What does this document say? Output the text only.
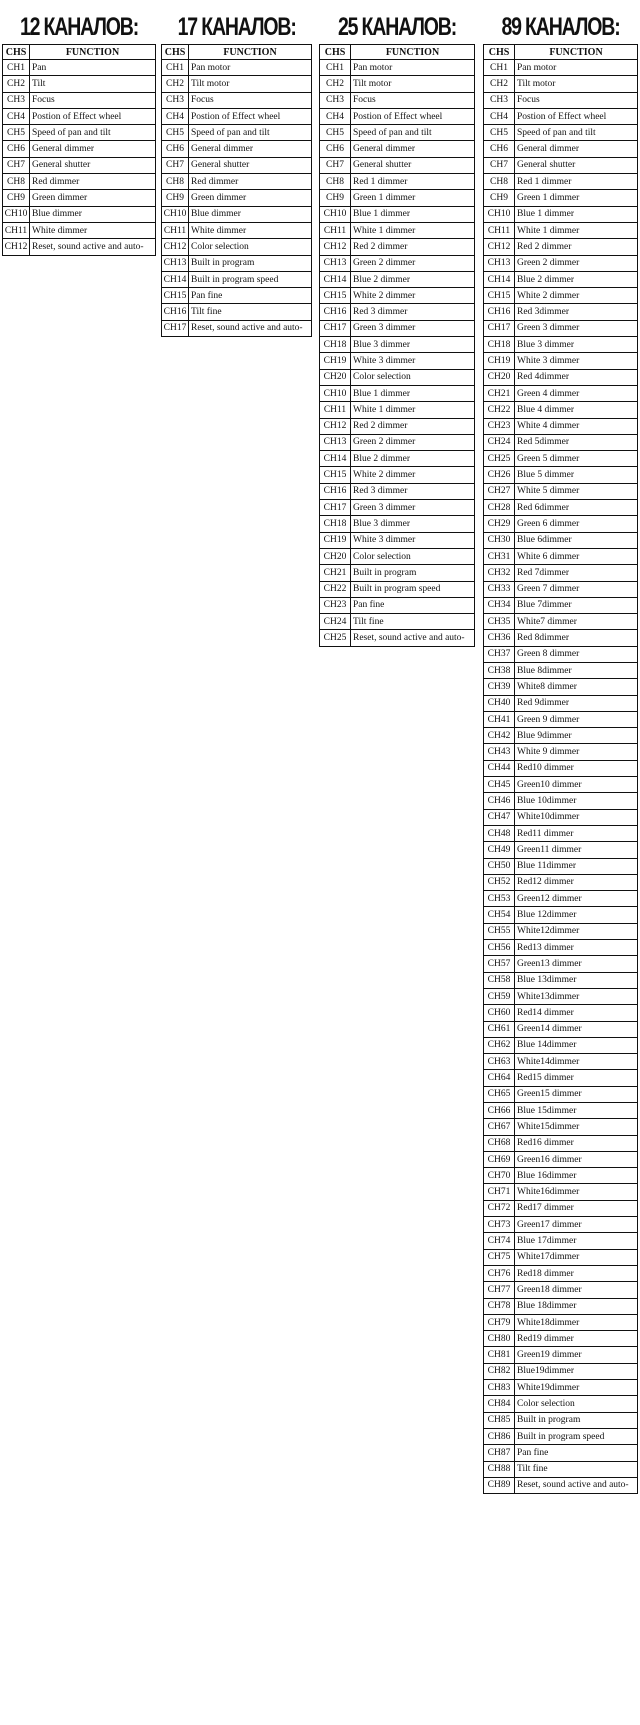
12 КАНАЛОВ:
CHS	FUNCTION
CH1	Pan
CH2	Tilt
CH3	Focus
CH4	Postion of Effect wheel
CH5	Speed of pan and tilt
CH6	General dimmer
CH7	General shutter
CH8	Red dimmer
CH9	Green dimmer
CH10	Blue dimmer
CH11	White dimmer
CH12	Reset, sound active and auto-
17 КАНАЛОВ:
CHS	FUNCTION
CH1	Pan motor
CH2	Tilt motor
CH3	Focus
CH4	Postion of Effect wheel
CH5	Speed of pan and tilt
CH6	General dimmer
CH7	General shutter
CH8	Red dimmer
CH9	Green dimmer
CH10	Blue dimmer
CH11	White dimmer
CH12	Color selection
CH13	Built in program
CH14	Built in program speed
CH15	Pan fine
CH16	Tilt fine
CH17	Reset, sound active and auto-
25 КАНАЛОВ:
CHS	FUNCTION
CH1	Pan motor
CH2	Tilt motor
CH3	Focus
CH4	Postion of Effect wheel
CH5	Speed of pan and tilt
CH6	General dimmer
CH7	General shutter
CH8	Red 1 dimmer
CH9	Green 1 dimmer
CH10	Blue 1 dimmer
CH11	White 1 dimmer
CH12	Red 2 dimmer
CH13	Green 2 dimmer
CH14	Blue 2 dimmer
CH15	White 2 dimmer
CH16	Red 3 dimmer
CH17	Green 3 dimmer
CH18	Blue 3 dimmer
CH19	White 3 dimmer
CH20	Color selection
CH10	Blue 1 dimmer
CH11	White 1 dimmer
CH12	Red 2 dimmer
CH13	Green 2 dimmer
CH14	Blue 2 dimmer
CH15	White 2 dimmer
CH16	Red 3 dimmer
CH17	Green 3 dimmer
CH18	Blue 3 dimmer
CH19	White 3 dimmer
CH20	Color selection
CH21	Built in program
CH22	Built in program speed
CH23	Pan fine
CH24	Tilt fine
CH25	Reset, sound active and auto-
89 КАНАЛОВ:
CHS	FUNCTION
CH1	Pan motor
CH2	Tilt motor
CH3	Focus
CH4	Postion of Effect wheel
CH5	Speed of pan and tilt
CH6	General dimmer
CH7	General shutter
CH8	Red 1 dimmer
CH9	Green 1 dimmer
CH10	Blue 1 dimmer
CH11	White 1 dimmer
CH12	Red 2 dimmer
CH13	Green 2 dimmer
CH14	Blue 2 dimmer
CH15	White 2 dimmer
CH16	Red 3dimmer
CH17	Green 3 dimmer
CH18	Blue 3 dimmer
CH19	White 3 dimmer
CH20	Red 4dimmer
CH21	Green 4 dimmer
CH22	Blue 4 dimmer
CH23	White 4 dimmer
CH24	Red 5dimmer
CH25	Green 5 dimmer
CH26	Blue 5 dimmer
CH27	White 5 dimmer
CH28	Red 6dimmer
CH29	Green 6 dimmer
CH30	Blue 6dimmer
CH31	White 6 dimmer
CH32	Red 7dimmer
CH33	Green 7 dimmer
CH34	Blue 7dimmer
CH35	White7 dimmer
CH36	Red 8dimmer
CH37	Green 8 dimmer
CH38	Blue 8dimmer
CH39	White8 dimmer
CH40	Red 9dimmer
CH41	Green 9 dimmer
CH42	Blue 9dimmer
CH43	White 9 dimmer
CH44	Red10 dimmer
CH45	Green10 dimmer
CH46	Blue 10dimmer
CH47	White10dimmer
CH48	Red11 dimmer
CH49	Green11 dimmer
CH50	Blue 11dimmer
CH52	Red12 dimmer
CH53	Green12 dimmer
CH54	Blue 12dimmer
CH55	White12dimmer
CH56	Red13 dimmer
CH57	Green13 dimmer
CH58	Blue 13dimmer
CH59	White13dimmer
CH60	Red14 dimmer
CH61	Green14 dimmer
CH62	Blue 14dimmer
CH63	White14dimmer
CH64	Red15 dimmer
CH65	Green15 dimmer
CH66	Blue 15dimmer
CH67	White15dimmer
CH68	Red16 dimmer
CH69	Green16 dimmer
CH70	Blue 16dimmer
CH71	White16dimmer
CH72	Red17 dimmer
CH73	Green17 dimmer
CH74	Blue 17dimmer
CH75	White17dimmer
CH76	Red18 dimmer
CH77	Green18 dimmer
CH78	Blue 18dimmer
CH79	White18dimmer
CH80	Red19 dimmer
CH81	Green19 dimmer
CH82	Blue19dimmer
CH83	White19dimmer
CH84	Color selection
CH85	Built in program
CH86	Built in program speed
CH87	Pan fine
CH88	Tilt fine
CH89	Reset, sound active and auto-
